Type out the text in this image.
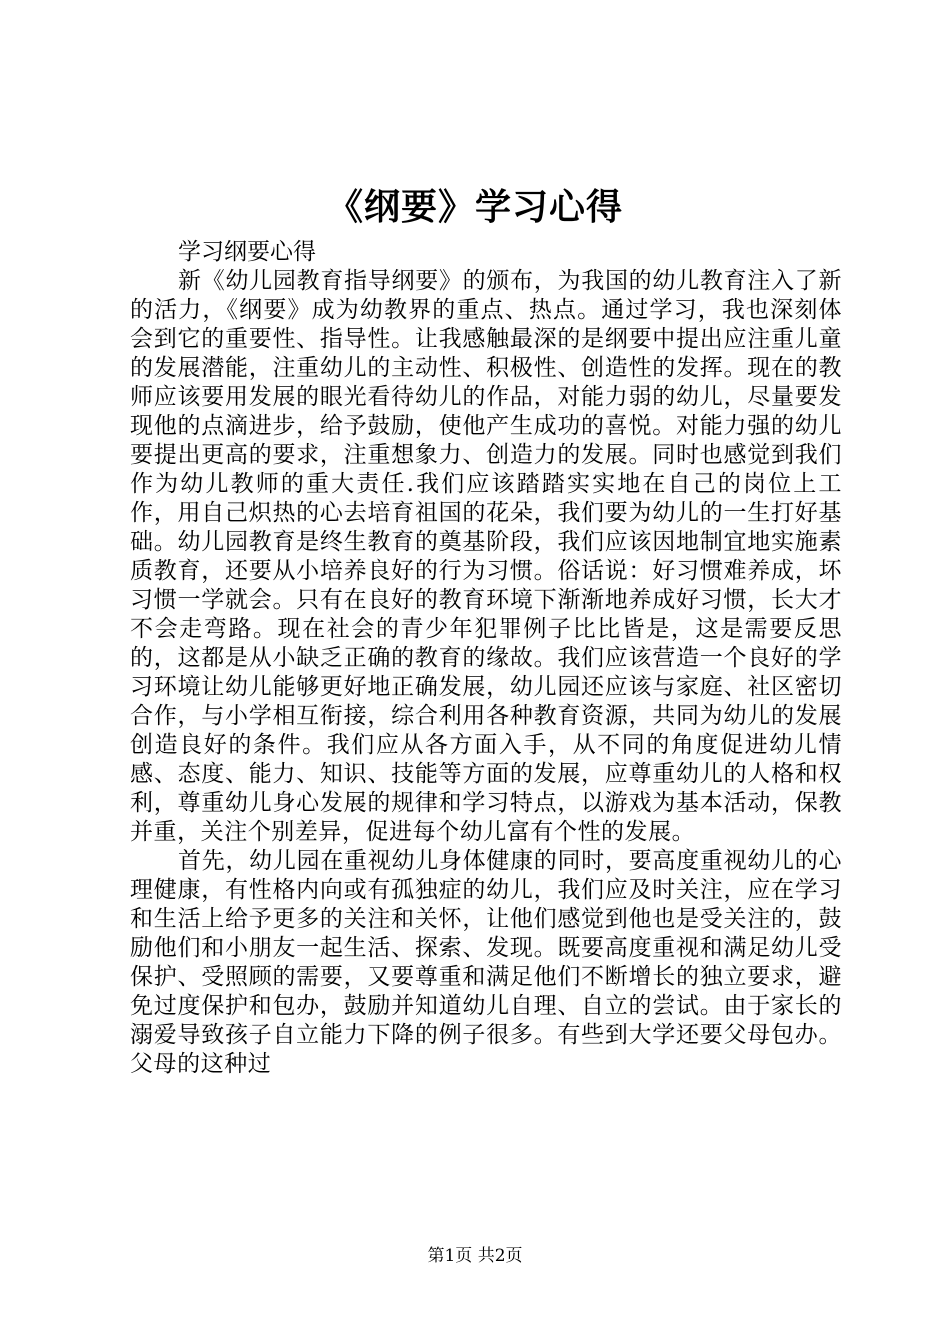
《纲要》学习心得

学习纲要心得

新《幼儿园教育指导纲要》的颁布，为我国的幼儿教育注入了新的活力，《纲要》成为幼教界的重点、热点。通过学习，我也深刻体会到它的重要性、指导性。让我感触最深的是纲要中提出应注重儿童的发展潜能，注重幼儿的主动性、积极性、创造性的发挥。现在的教师应该要用发展的眼光看待幼儿的作品，对能力弱的幼儿，尽量要发现他的点滴进步，给予鼓励，使他产生成功的喜悦。对能力强的幼儿要提出更高的要求，注重想象力、创造力的发展。同时也感觉到我们作为幼儿教师的重大责任.我们应该踏踏实实地在自己的岗位上工作，用自己炽热的心去培育祖国的花朵，我们要为幼儿的一生打好基础。幼儿园教育是终生教育的奠基阶段，我们应该因地制宜地实施素质教育，还要从小培养良好的行为习惯。俗话说：好习惯难养成，坏习惯一学就会。只有在良好的教育环境下渐渐地养成好习惯，长大才不会走弯路。现在社会的青少年犯罪例子比比皆是，这是需要反思的，这都是从小缺乏正确的教育的缘故。我们应该营造一个良好的学习环境让幼儿能够更好地正确发展，幼儿园还应该与家庭、社区密切合作，与小学相互衔接，综合利用各种教育资源，共同为幼儿的发展创造良好的条件。我们应从各方面入手，从不同的角度促进幼儿情感、态度、能力、知识、技能等方面的发展，应尊重幼儿的人格和权利，尊重幼儿身心发展的规律和学习特点，以游戏为基本活动，保教并重，关注个别差异，促进每个幼儿富有个性的发展。

首先，幼儿园在重视幼儿身体健康的同时，要高度重视幼儿的心理健康，有性格内向或有孤独症的幼儿，我们应及时关注，应在学习和生活上给予更多的关注和关怀，让他们感觉到他也是受关注的，鼓励他们和小朋友一起生活、探索、发现。既要高度重视和满足幼儿受保护、受照顾的需要，又要尊重和满足他们不断增长的独立要求，避免过度保护和包办，鼓励并知道幼儿自理、自立的尝试。由于家长的溺爱导致孩子自立能力下降的例子很多。有些到大学还要父母包办。父母的这种过

第1页 共2页
